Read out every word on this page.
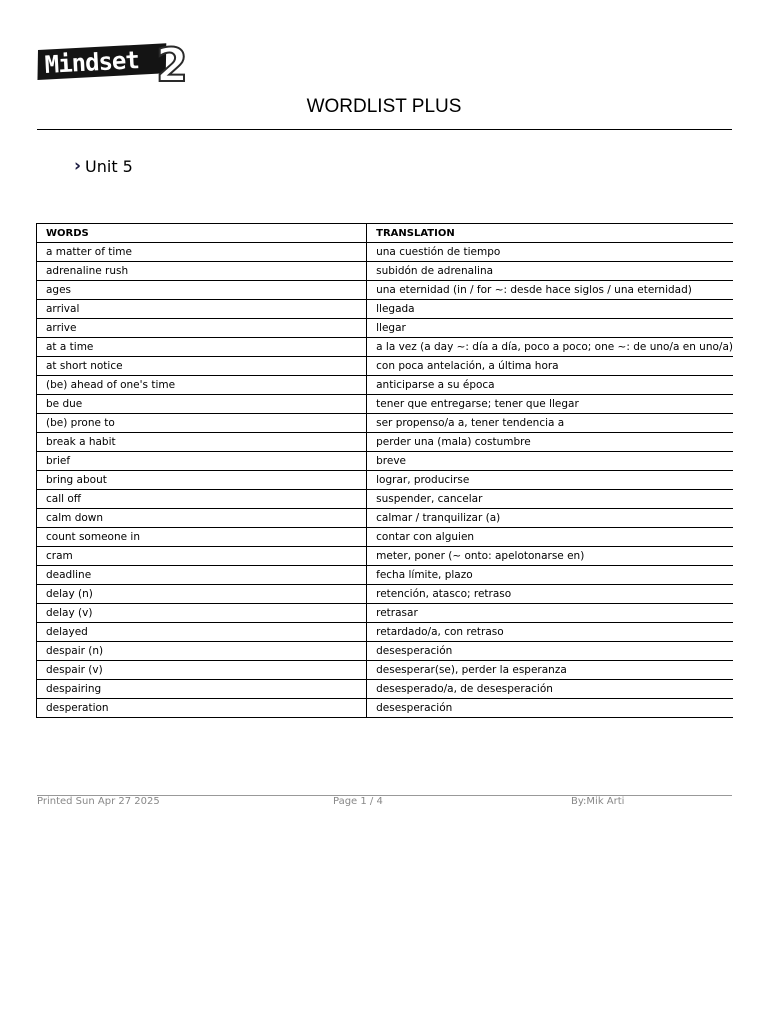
Mindset 2
WORDLIST PLUS
› Unit 5
WORDS	TRANSLATION
a matter of time	una cuestión de tiempo
adrenaline rush	subidón de adrenalina
ages	una eternidad (in / for ~: desde hace siglos / una eternidad)
arrival	llegada
arrive	llegar
at a time	a la vez (a day ~: día a día, poco a poco; one ~: de uno/a en uno/a)
at short notice	con poca antelación, a última hora
(be) ahead of one's time	anticiparse a su época
be due	tener que entregarse; tener que llegar
(be) prone to	ser propenso/a a, tener tendencia a
break a habit	perder una (mala) costumbre
brief	breve
bring about	lograr, producirse
call off	suspender, cancelar
calm down	calmar / tranquilizar (a)
count someone in	contar con alguien
cram	meter, poner (~ onto: apelotonarse en)
deadline	fecha límite, plazo
delay (n)	retención, atasco; retraso
delay (v)	retrasar
delayed	retardado/a, con retraso
despair (n)	desesperación
despair (v)	desesperar(se), perder la esperanza
despairing	desesperado/a, de desesperación
desperation	desesperación
Printed Sun Apr 27 2025	Page 1 / 4	By:Mik Arti
